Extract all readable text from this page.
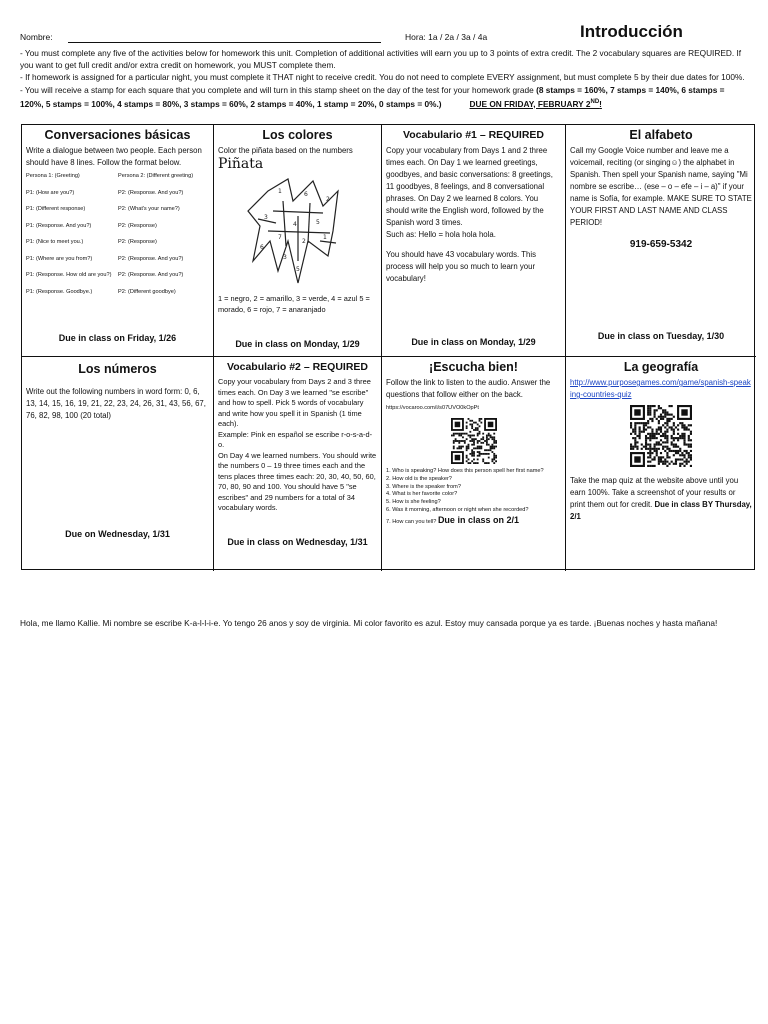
Nombre:	Hora: 1a / 2a / 3a / 4a	Introducción

- You must complete any five of the activities below for homework this unit. Completion of additional activities will earn you up to 3 points of extra credit. The 2 vocabulary squares are REQUIRED. If you want to get full credit and/or extra credit on homework, you MUST complete them.

- If homework is assigned for a particular night, you must complete it THAT night to receive credit. You do not need to complete EVERY assignment, but must complete 5 by their due dates for 100%.

- You will receive a stamp for each square that you complete and will turn in this stamp sheet on the day of the test for your homework grade (8 stamps = 160%, 7 stamps = 140%, 6 stamps = 120%, 5 stamps = 100%, 4 stamps = 80%, 3 stamps = 60%, 2 stamps = 40%, 1 stamp = 20%, 0 stamps = 0%.)	DUE ON FRIDAY, FEBRUARY 2ND!

Conversaciones básicas
Write a dialogue between two people. Each person should have 8 lines. Follow the format below.
Persona 1: (Greeting)	Persona 2: (Different greeting)
P1: (How are you?)	P2: (Response. And you?)
P1: (Different response)	P2: (What's your name?)
P1: (Response. And you?)	P2: (Response)
P1: (Nice to meet you.)	P2: (Response)
P1: (Where are you from?)	P2: (Response. And you?)
P1: (Response. How old are you?)	P2: (Response. And you?)
P1: (Response. Goodbye.)	P2: (Different goodbye)
Due in class on Friday, 1/26
Los colores
Color the piñata based on the numbers
Piñata
1	6
2
3
4	5
7
2
1
6
3
5
1 = negro, 2 = amarillo, 3 = verde, 4 = azul 5 = morado, 6 = rojo, 7 = anaranjado
Due in class on Monday, 1/29
Vocabulario #1 – REQUIRED
Copy your vocabulary from Days 1 and 2 three times each. On Day 1 we learned greetings, goodbyes, and basic conversations: 8 greetings, 11 goodbyes, 8 feelings, and 8 conversational phrases. On Day 2 we learned 8 colors. You should write the English word, followed by the Spanish word 3 times.
Such as: Hello = hola hola hola.
You should have 43 vocabulary words. This process will help you so much to learn your vocabulary!
Due in class on Monday, 1/29
El alfabeto
Call my Google Voice number and leave me a voicemail, reciting (or singing☺) the alphabet in Spanish. Then spell your Spanish name, saying "Mi nombre se escribe… (ese – o – efe – i – a)" if your name is Sofía, for example. MAKE SURE TO STATE YOUR FIRST AND LAST NAME AND CLASS PERIOD!
919-659-5342
Due in class on Tuesday, 1/30
Los números
Write out the following numbers in word form: 0, 6, 13, 14, 15, 16, 19, 21, 22, 23, 24, 26, 31, 43, 56, 67, 76, 82, 98, 100 (20 total)
Due on Wednesday, 1/31
Vocabulario #2 – REQUIRED
Copy your vocabulary from Days 2 and 3 three times each. On Day 3 we learned "se escribe" and how to spell. Pick 5 words of vocabulary and write how you spell it in Spanish (1 time each).
Example: Pink en español se escribe r-o-s-a-d-o.
On Day 4 we learned numbers. You should write the numbers 0 – 19 three times each and the tens places three times each: 20, 30, 40, 50, 60, 70, 80, 90 and 100. You should have 5 "se escribes" and 29 numbers for a total of 34 vocabulary words.
Due in class on Wednesday, 1/31
¡Escucha bien!
Follow the link to listen to the audio. Answer the questions that follow either on the back. https://vocaroo.com/i/s07UVO0kOpPt
1. Who is speaking? How does this person spell her first name?
2. How old is the speaker?
3. Where is the speaker from?
4. What is her favorite color?
5. How is she feeling?
6. Was it morning, afternoon or night when she recorded?
7. How can you tell? Due in class on 2/1
La geografía
http://www.purposegames.com/game/spanish-speaking-countries-quiz
Take the map quiz at the website above until you earn 100%. Take a screenshot of your results or print them out for credit. Due in class BY Thursday, 2/1
Hola, me llamo Kallie. Mi nombre se escribe K-a-l-l-i-e. Yo tengo 26 anos y soy de virginia. Mi color favorito es azul. Estoy muy cansada porque ya es tarde. ¡Buenas noches y hasta mañana!
